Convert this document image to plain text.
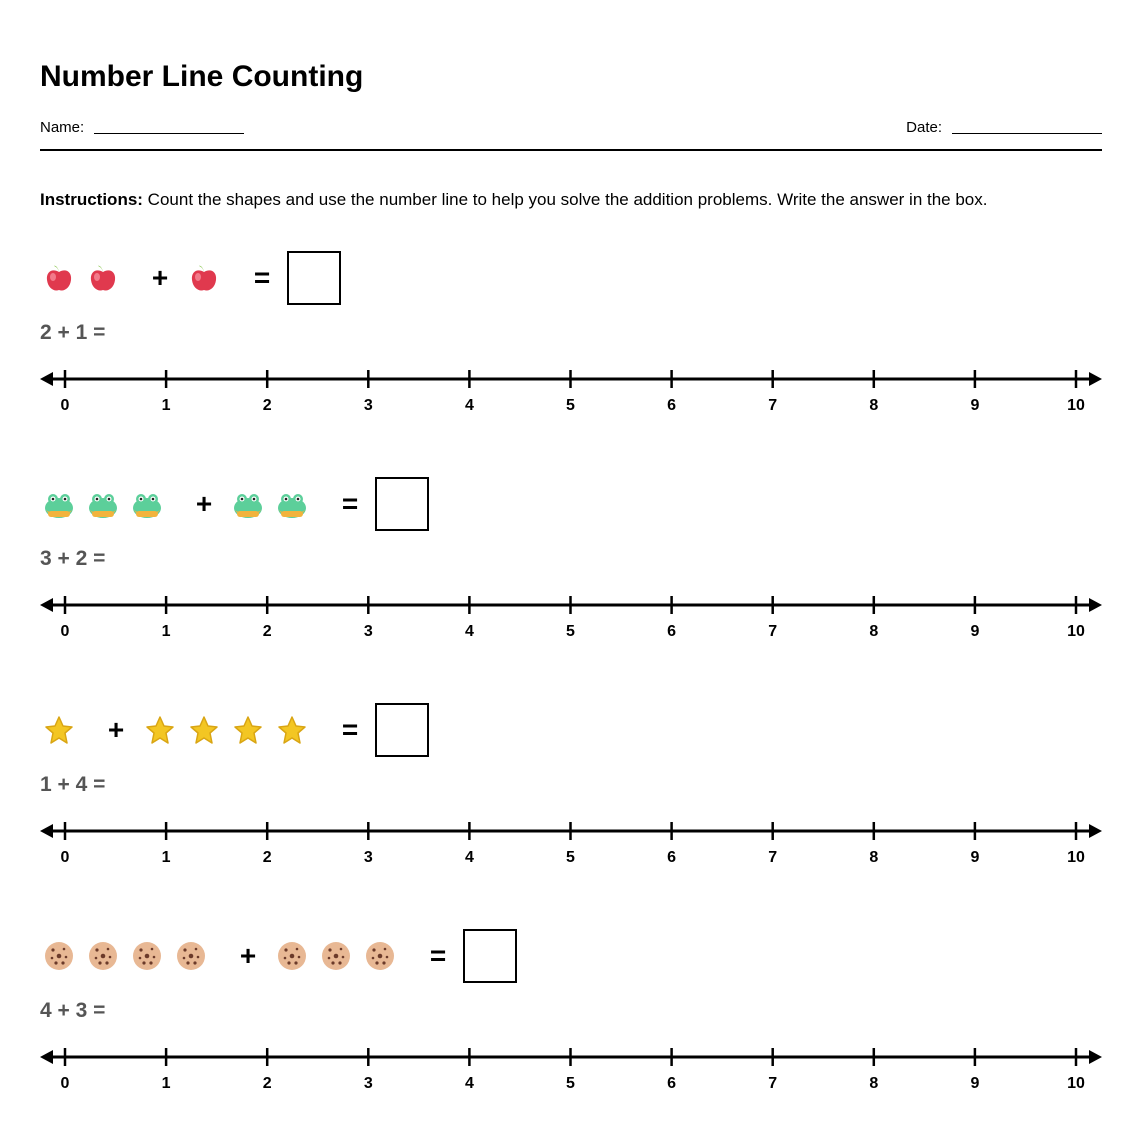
Number Line Counting
Name:	Date:
Instructions: Count the shapes and use the number line to help you solve the addition problems. Write the answer in the box.
+	=
2 + 1 =
0	1	2	3	4	5	6	7	8	9	10
+	=
3 + 2 =
0	1	2	3	4	5	6	7	8	9	10
+	=
1 + 4 =
0	1	2	3	4	5	6	7	8	9	10
+	=
4 + 3 =
0	1	2	3	4	5	6	7	8	9	10
